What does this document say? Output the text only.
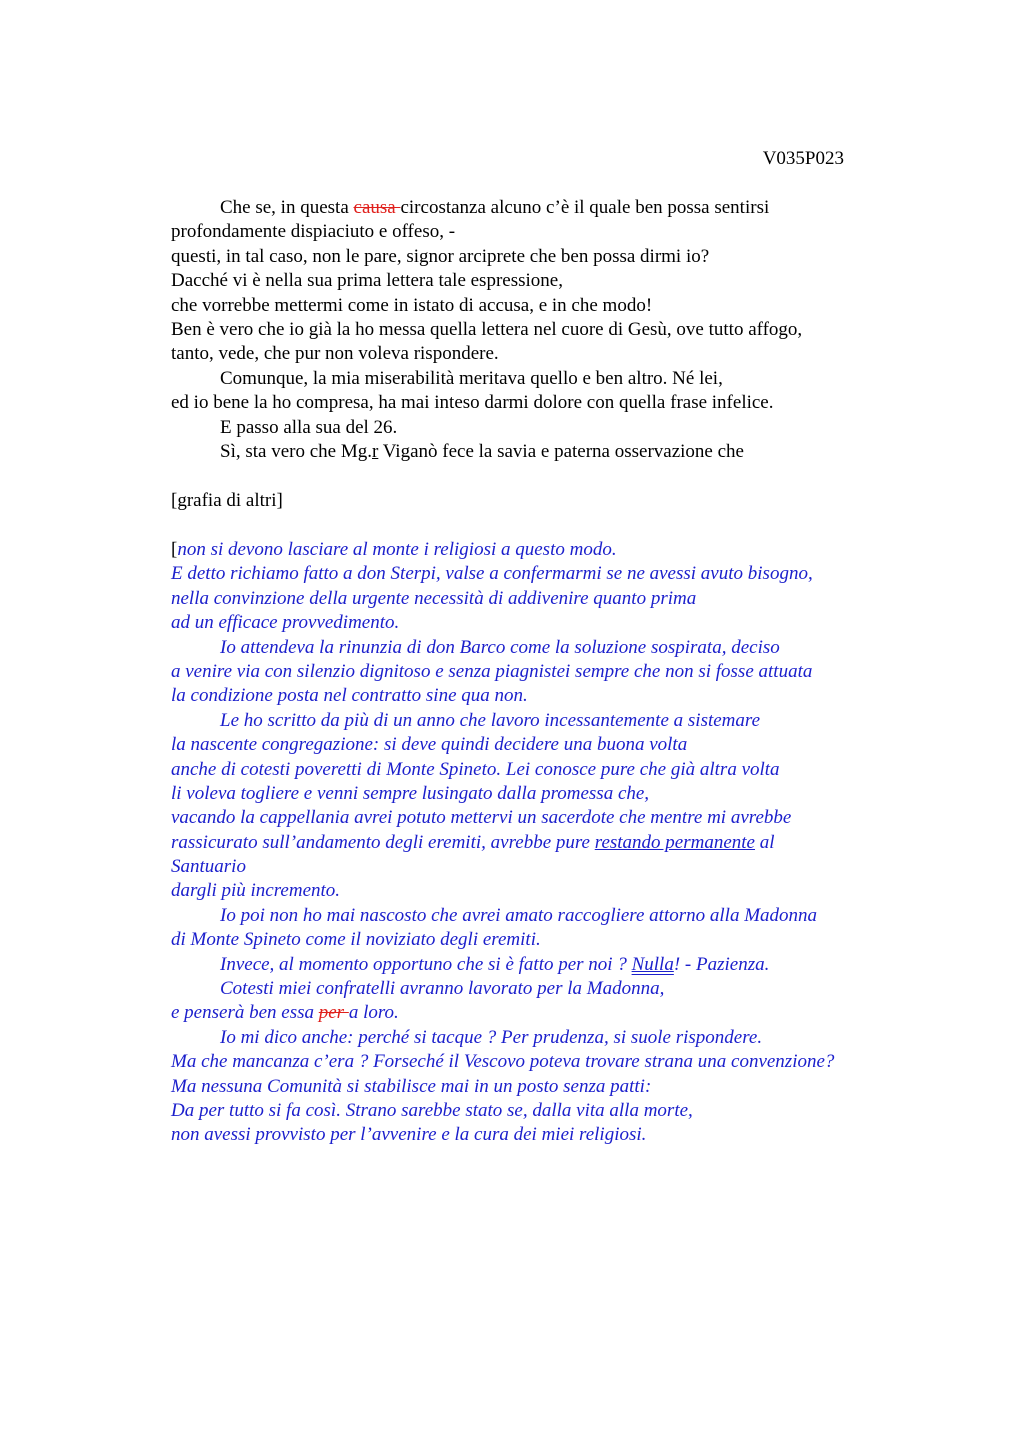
V035P023
Che se, in questa causa circostanza alcuno c’è il quale ben possa sentirsi
profondamente dispiaciuto e offeso, -
questi, in tal caso, non le pare, signor arciprete che ben possa dirmi io?
Dacché vi è nella sua prima lettera tale espressione,
che vorrebbe mettermi come in istato di accusa, e in che modo!
Ben è vero che io già la ho messa quella lettera nel cuore di Gesù, ove tutto affogo,
tanto, vede, che pur non voleva rispondere.
Comunque, la mia miserabilità meritava quello e ben altro. Né lei,
ed io bene la ho compresa, ha mai inteso darmi dolore con quella frase infelice.
E passo alla sua del 26.
Sì, sta vero che Mg.r Viganò fece la savia e paterna osservazione che
[grafia di altri]
[non si devono lasciare al monte i religiosi a questo modo.
E detto richiamo fatto a don Sterpi, valse a confermarmi se ne avessi avuto bisogno,
nella convinzione della urgente necessità di addivenire quanto prima
ad un efficace provvedimento.
Io attendeva la rinunzia di don Barco come la soluzione sospirata, deciso
a venire via con silenzio dignitoso e senza piagnistei sempre che non si fosse attuata
la condizione posta nel contratto sine qua non.
Le ho scritto da più di un anno che lavoro incessantemente a sistemare
la nascente congregazione: si deve quindi decidere una buona volta
anche di cotesti poveretti di Monte Spineto. Lei conosce pure che già altra volta
li voleva togliere e venni sempre lusingato dalla promessa che,
vacando la cappellania avrei potuto mettervi un sacerdote che mentre mi avrebbe
rassicurato sull’andamento degli eremiti, avrebbe pure restando permanente al
Santuario
dargli più incremento.
Io poi non ho mai nascosto che avrei amato raccogliere attorno alla Madonna
di Monte Spineto come il noviziato degli eremiti.
Invece, al momento opportuno che si è fatto per noi ? Nulla! - Pazienza.
Cotesti miei confratelli avranno lavorato per la Madonna,
e penserà ben essa per a loro.
Io mi dico anche: perché si tacque ? Per prudenza, si suole rispondere.
Ma che mancanza c’era ? Forseché il Vescovo poteva trovare strana una convenzione?
Ma nessuna Comunità si stabilisce mai in un posto senza patti:
Da per tutto si fa così. Strano sarebbe stato se, dalla vita alla morte,
non avessi provvisto per l’avvenire e la cura dei miei religiosi.
